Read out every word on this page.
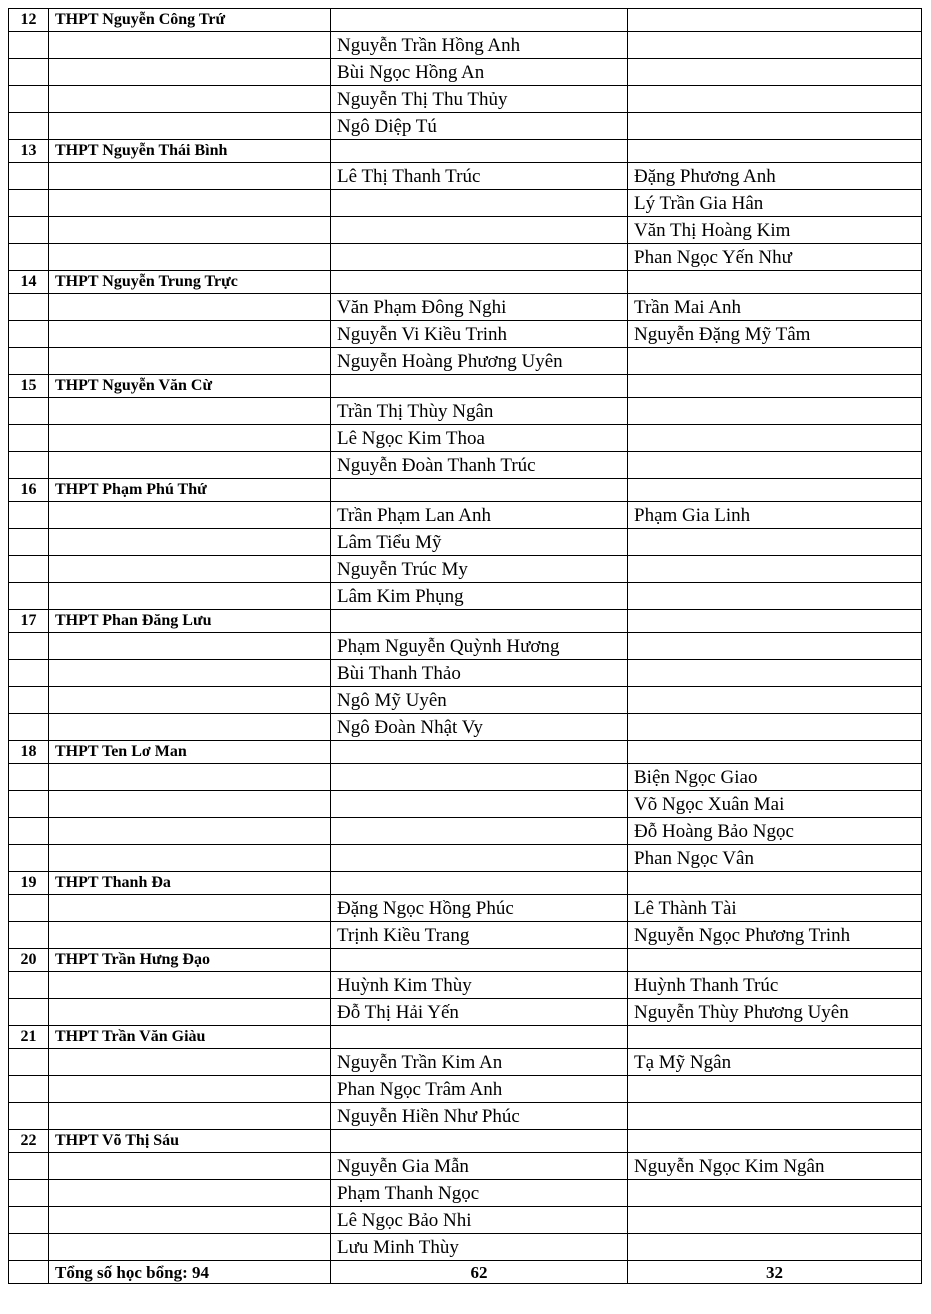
12	THPT Nguyễn Công Trứ		
		Nguyễn Trần Hồng Anh	
		Bùi Ngọc Hồng An	
		Nguyễn Thị Thu Thủy	
		Ngô Diệp Tú	
13	THPT Nguyễn Thái Bình		
		Lê Thị Thanh Trúc	Đặng Phương Anh
			Lý Trần Gia Hân
			Văn Thị Hoàng Kim
			Phan Ngọc Yến Như
14	THPT Nguyễn Trung Trực		
		Văn Phạm Đông Nghi	Trần Mai Anh
		Nguyễn Vi Kiều Trinh	Nguyễn Đặng Mỹ Tâm
		Nguyễn Hoàng Phương Uyên	
15	THPT Nguyễn Văn Cừ		
		Trần Thị Thùy Ngân	
		Lê Ngọc Kim Thoa	
		Nguyễn Đoàn Thanh Trúc	
16	THPT Phạm Phú Thứ		
		Trần Phạm Lan Anh	Phạm Gia Linh
		Lâm Tiểu Mỹ	
		Nguyễn Trúc My	
		Lâm Kim Phụng	
17	THPT Phan Đăng Lưu		
		Phạm Nguyễn Quỳnh Hương	
		Bùi Thanh Thảo	
		Ngô Mỹ Uyên	
		Ngô Đoàn Nhật Vy	
18	THPT Ten Lơ Man		
			Biện Ngọc Giao
			Võ Ngọc Xuân Mai
			Đỗ Hoàng Bảo Ngọc
			Phan Ngọc Vân
19	THPT Thanh Đa		
		Đặng Ngọc Hồng Phúc	Lê Thành Tài
		Trịnh Kiều Trang	Nguyễn Ngọc Phương Trinh
20	THPT Trần Hưng Đạo		
		Huỳnh Kim Thùy	Huỳnh Thanh Trúc
		Đỗ Thị Hải Yến	Nguyễn Thùy Phương Uyên
21	THPT Trần Văn Giàu		
		Nguyễn Trần Kim An	Tạ Mỹ Ngân
		Phan Ngọc Trâm Anh	
		Nguyễn Hiền Như Phúc	
22	THPT Võ Thị Sáu		
		Nguyễn Gia Mẫn	Nguyễn Ngọc Kim Ngân
		Phạm Thanh Ngọc	
		Lê Ngọc Bảo Nhi	
		Lưu Minh Thùy	
	Tổng số học bổng: 94	62	32
